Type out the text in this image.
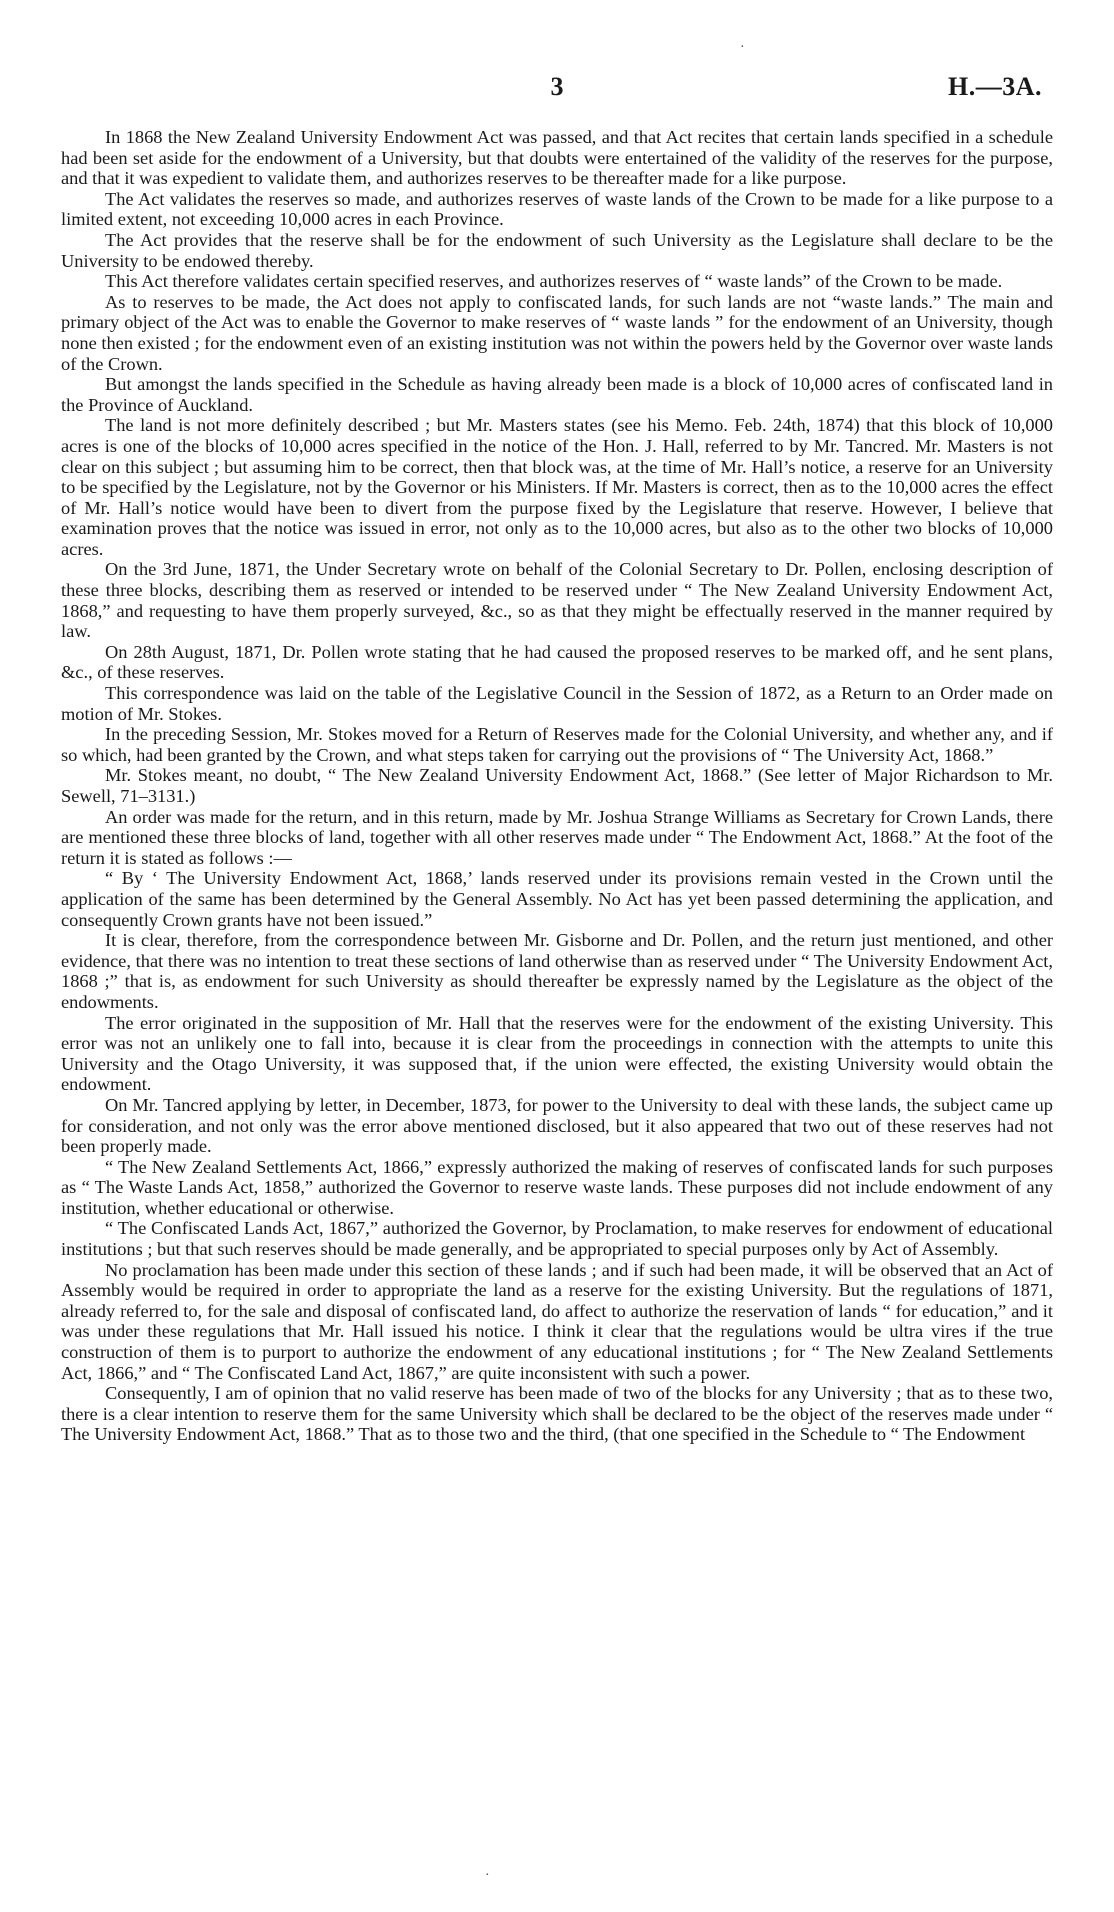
·
3	H.—3A.

In 1868 the New Zealand University Endowment Act was passed, and that Act recites that certain lands specified in a schedule had been set aside for the endowment of a University, but that doubts were entertained of the validity of the reserves for the purpose, and that it was expedient to validate them, and authorizes reserves to be thereafter made for a like purpose.

The Act validates the reserves so made, and authorizes reserves of waste lands of the Crown to be made for a like purpose to a limited extent, not exceeding 10,000 acres in each Province.

The Act provides that the reserve shall be for the endowment of such University as the Legislature shall declare to be the University to be endowed thereby.

This Act therefore validates certain specified reserves, and authorizes reserves of “ waste lands” of the Crown to be made.

As to reserves to be made, the Act does not apply to confiscated lands, for such lands are not “waste lands.” The main and primary object of the Act was to enable the Governor to make reserves of “ waste lands ” for the endowment of an University, though none then existed ; for the endowment even of an existing institution was not within the powers held by the Governor over waste lands of the Crown.

But amongst the lands specified in the Schedule as having already been made is a block of 10,000 acres of confiscated land in the Province of Auckland.

The land is not more definitely described ; but Mr. Masters states (see his Memo. Feb. 24th, 1874) that this block of 10,000 acres is one of the blocks of 10,000 acres specified in the notice of the Hon. J. Hall, referred to by Mr. Tancred. Mr. Masters is not clear on this subject ; but assuming him to be correct, then that block was, at the time of Mr. Hall’s notice, a reserve for an University to be specified by the Legislature, not by the Governor or his Ministers. If Mr. Masters is correct, then as to the 10,000 acres the effect of Mr. Hall’s notice would have been to divert from the purpose fixed by the Legislature that reserve. However, I believe that examination proves that the notice was issued in error, not only as to the 10,000 acres, but also as to the other two blocks of 10,000 acres.

On the 3rd June, 1871, the Under Secretary wrote on behalf of the Colonial Secretary to Dr. Pollen, enclosing description of these three blocks, describing them as reserved or intended to be reserved under “ The New Zealand University Endowment Act, 1868,” and requesting to have them properly surveyed, &c., so as that they might be effectually reserved in the manner required by law.

On 28th August, 1871, Dr. Pollen wrote stating that he had caused the proposed reserves to be marked off, and he sent plans, &c., of these reserves.

This correspondence was laid on the table of the Legislative Council in the Session of 1872, as a Return to an Order made on motion of Mr. Stokes.

In the preceding Session, Mr. Stokes moved for a Return of Reserves made for the Colonial University, and whether any, and if so which, had been granted by the Crown, and what steps taken for carrying out the provisions of “ The University Act, 1868.”

Mr. Stokes meant, no doubt, “ The New Zealand University Endowment Act, 1868.” (See letter of Major Richardson to Mr. Sewell, 71–3131.)

An order was made for the return, and in this return, made by Mr. Joshua Strange Williams as Secretary for Crown Lands, there are mentioned these three blocks of land, together with all other reserves made under “ The Endowment Act, 1868.” At the foot of the return it is stated as follows :—

“ By ‘ The University Endowment Act, 1868,’ lands reserved under its provisions remain vested in the Crown until the application of the same has been determined by the General Assembly. No Act has yet been passed determining the application, and consequently Crown grants have not been issued.”

It is clear, therefore, from the correspondence between Mr. Gisborne and Dr. Pollen, and the return just mentioned, and other evidence, that there was no intention to treat these sections of land otherwise than as reserved under “ The University Endowment Act, 1868 ;” that is, as endowment for such University as should thereafter be expressly named by the Legislature as the object of the endowments.

The error originated in the supposition of Mr. Hall that the reserves were for the endowment of the existing University. This error was not an unlikely one to fall into, because it is clear from the proceedings in connection with the attempts to unite this University and the Otago University, it was supposed that, if the union were effected, the existing University would obtain the endowment.

On Mr. Tancred applying by letter, in December, 1873, for power to the University to deal with these lands, the subject came up for consideration, and not only was the error above mentioned disclosed, but it also appeared that two out of these reserves had not been properly made.

“ The New Zealand Settlements Act, 1866,” expressly authorized the making of reserves of confiscated lands for such purposes as “ The Waste Lands Act, 1858,” authorized the Governor to reserve waste lands. These purposes did not include endowment of any institution, whether educational or otherwise.

“ The Confiscated Lands Act, 1867,” authorized the Governor, by Proclamation, to make reserves for endowment of educational institutions ; but that such reserves should be made generally, and be appropriated to special purposes only by Act of Assembly.

No proclamation has been made under this section of these lands ; and if such had been made, it will be observed that an Act of Assembly would be required in order to appropriate the land as a reserve for the existing University. But the regulations of 1871, already referred to, for the sale and disposal of confiscated land, do affect to authorize the reservation of lands “ for education,” and it was under these regulations that Mr. Hall issued his notice. I think it clear that the regulations would be ultra vires if the true construction of them is to purport to authorize the endowment of any educational institutions ; for “ The New Zealand Settlements Act, 1866,” and “ The Confiscated Land Act, 1867,” are quite inconsistent with such a power.

Consequently, I am of opinion that no valid reserve has been made of two of the blocks for any University ; that as to these two, there is a clear intention to reserve them for the same University which shall be declared to be the object of the reserves made under “ The University Endowment Act, 1868.” That as to those two and the third, (that one specified in the Schedule to “ The Endowment

·
